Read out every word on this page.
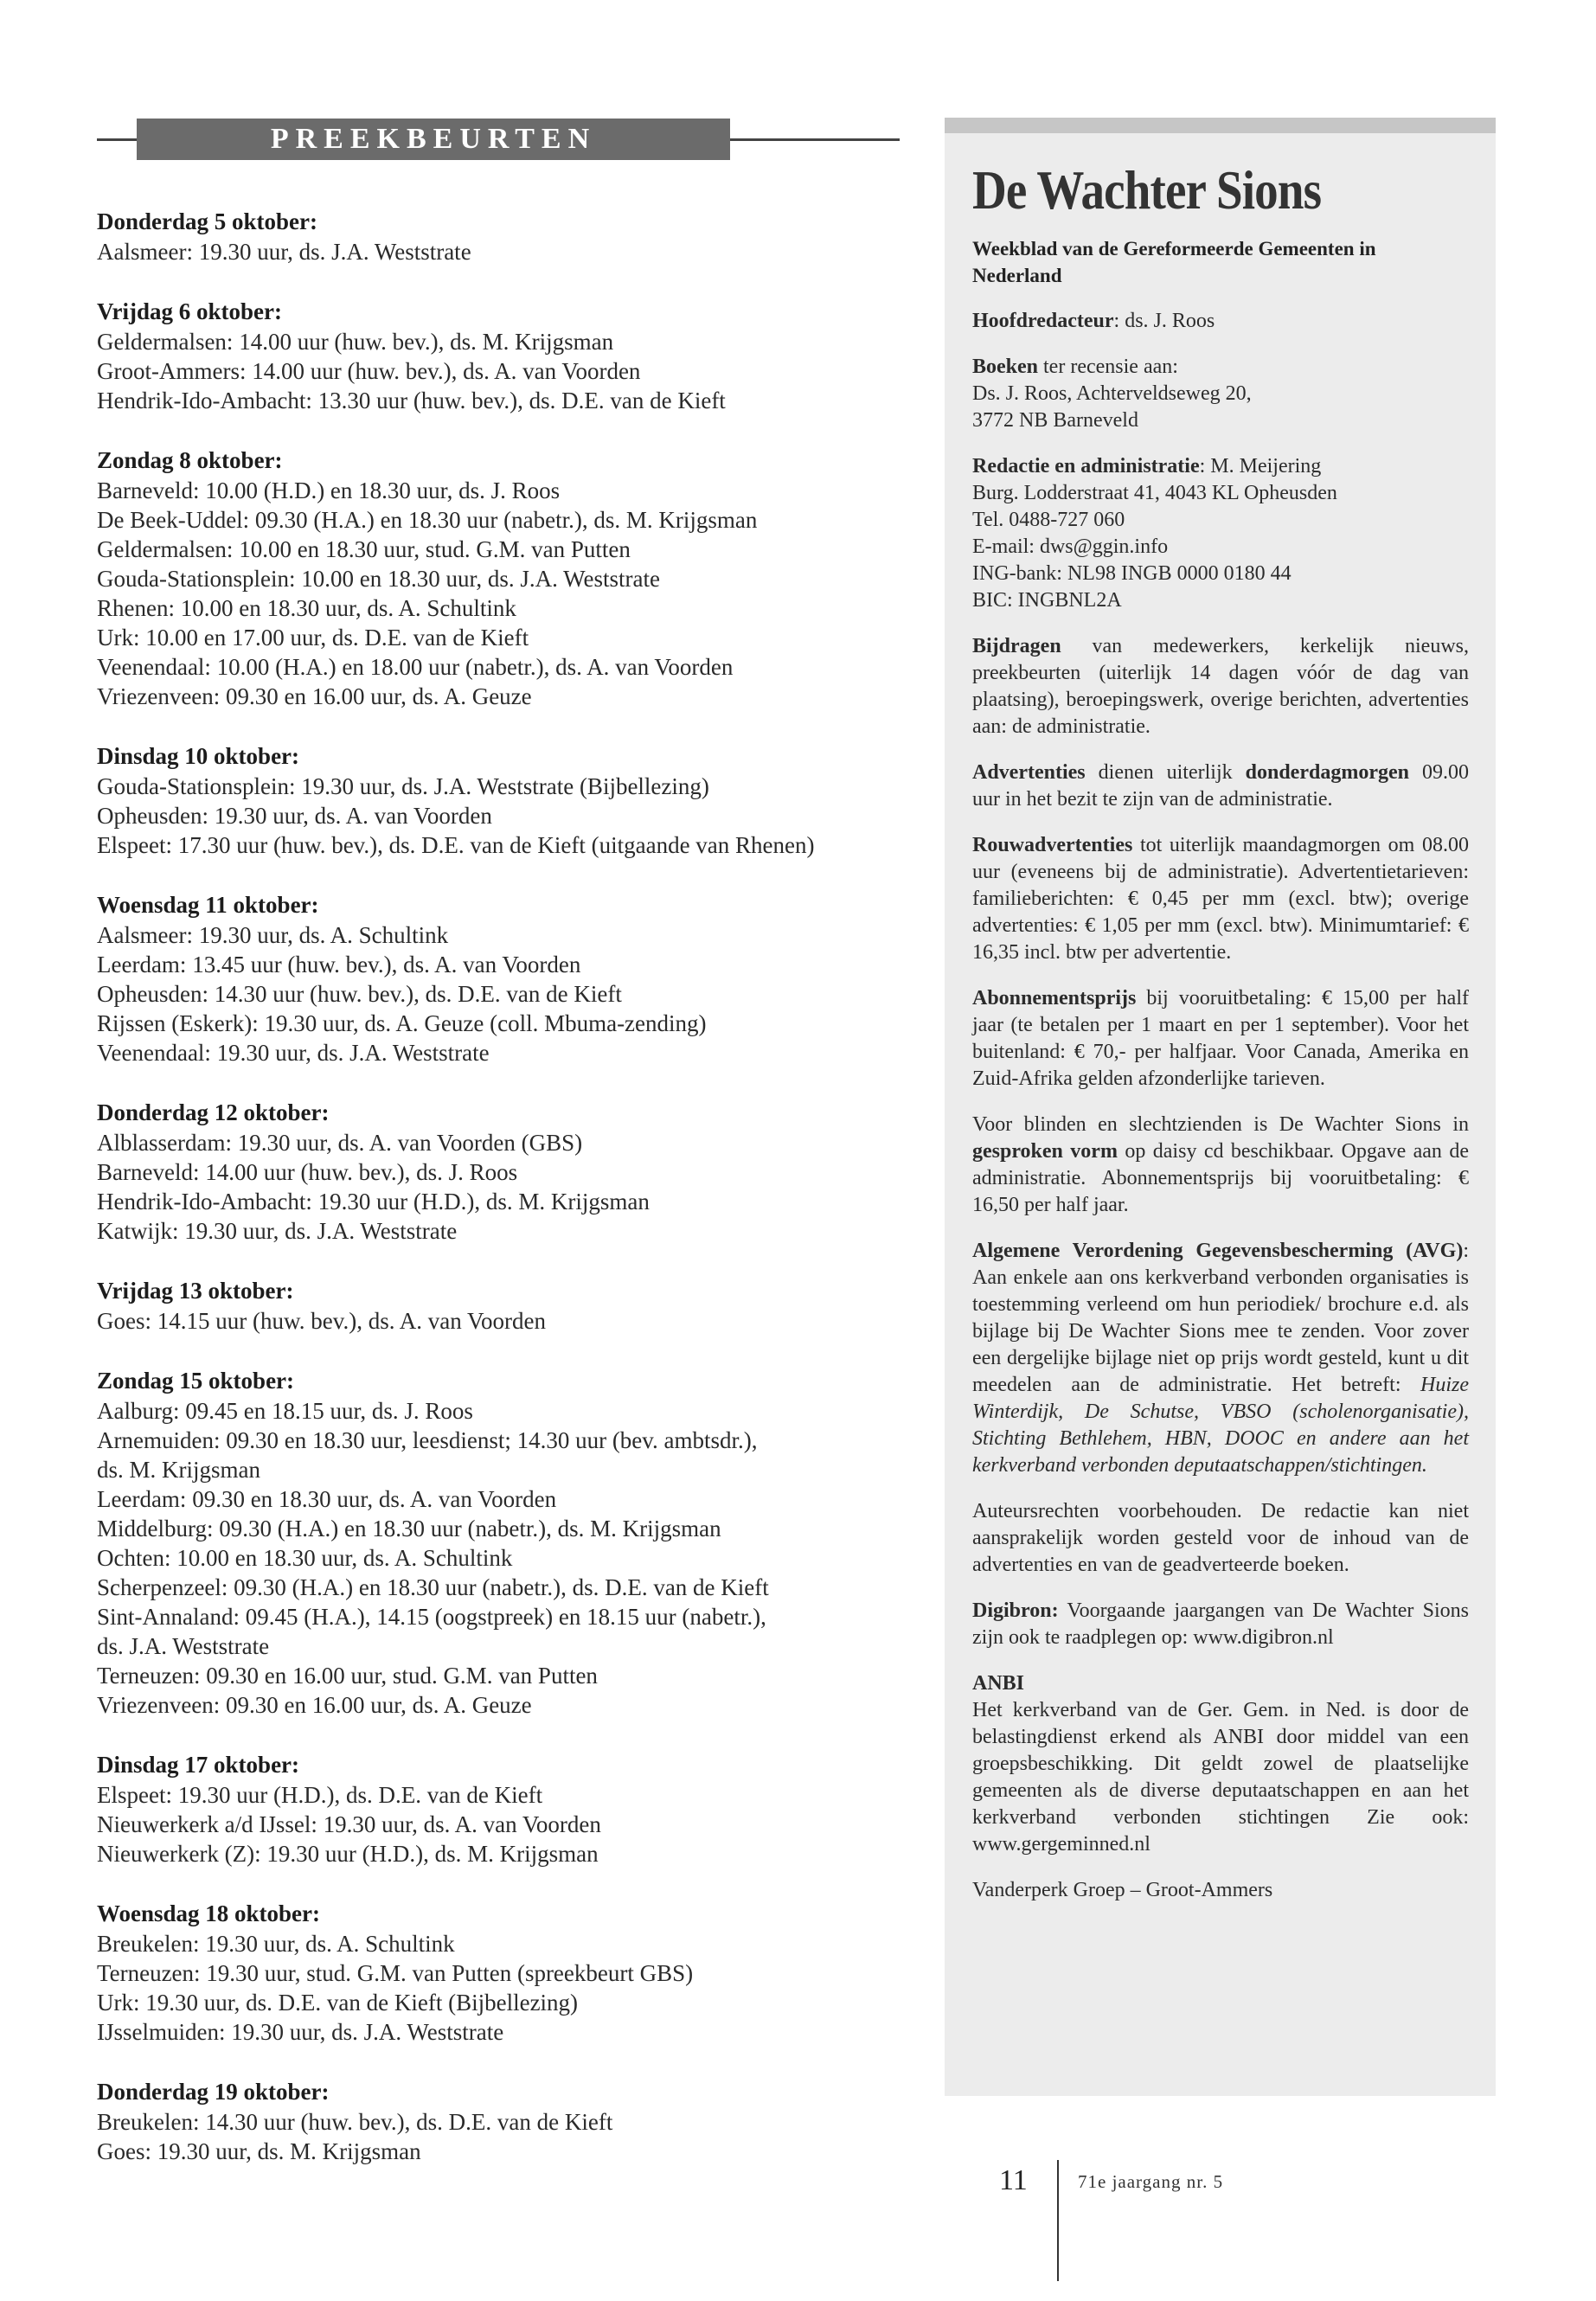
PREEKBEURTEN
Donderdag 5 oktober:
Aalsmeer: 19.30 uur, ds. J.A. Weststrate
Vrijdag 6 oktober:
Geldermalsen: 14.00 uur (huw. bev.), ds. M. Krijgsman
Groot-Ammers: 14.00 uur (huw. bev.), ds. A. van Voorden
Hendrik-Ido-Ambacht: 13.30 uur (huw. bev.), ds. D.E. van de Kieft
Zondag 8 oktober:
Barneveld: 10.00 (H.D.) en 18.30 uur, ds. J. Roos
De Beek-Uddel: 09.30 (H.A.) en 18.30 uur (nabetr.), ds. M. Krijgsman
Geldermalsen: 10.00 en 18.30 uur, stud. G.M. van Putten
Gouda-Stationsplein: 10.00 en 18.30 uur, ds. J.A. Weststrate
Rhenen: 10.00 en 18.30 uur, ds. A. Schultink
Urk: 10.00 en 17.00 uur, ds. D.E. van de Kieft
Veenendaal: 10.00 (H.A.) en 18.00 uur (nabetr.), ds. A. van Voorden
Vriezenveen: 09.30 en 16.00 uur, ds. A. Geuze
Dinsdag 10 oktober:
Gouda-Stationsplein: 19.30 uur, ds. J.A. Weststrate (Bijbellezing)
Opheusden: 19.30 uur, ds. A. van Voorden
Elspeet: 17.30 uur (huw. bev.), ds. D.E. van de Kieft (uitgaande van Rhenen)
Woensdag 11 oktober:
Aalsmeer: 19.30 uur, ds. A. Schultink
Leerdam: 13.45 uur (huw. bev.), ds. A. van Voorden
Opheusden: 14.30 uur (huw. bev.), ds. D.E. van de Kieft
Rijssen (Eskerk): 19.30 uur, ds. A. Geuze (coll. Mbuma-zending)
Veenendaal: 19.30 uur, ds. J.A. Weststrate
Donderdag 12 oktober:
Alblasserdam: 19.30 uur, ds. A. van Voorden (GBS)
Barneveld: 14.00 uur (huw. bev.), ds. J. Roos
Hendrik-Ido-Ambacht: 19.30 uur (H.D.), ds. M. Krijgsman
Katwijk: 19.30 uur, ds. J.A. Weststrate
Vrijdag 13 oktober:
Goes: 14.15 uur (huw. bev.), ds. A. van Voorden
Zondag 15 oktober:
Aalburg: 09.45 en 18.15 uur, ds. J. Roos
Arnemuiden: 09.30 en 18.30 uur, leesdienst; 14.30 uur (bev. ambtsdr.),
ds. M. Krijgsman
Leerdam: 09.30 en 18.30 uur, ds. A. van Voorden
Middelburg: 09.30 (H.A.) en 18.30 uur (nabetr.), ds. M. Krijgsman
Ochten: 10.00 en 18.30 uur, ds. A. Schultink
Scherpenzeel: 09.30 (H.A.) en 18.30 uur (nabetr.), ds. D.E. van de Kieft
Sint-Annaland: 09.45 (H.A.), 14.15 (oogstpreek) en 18.15 uur (nabetr.),
ds. J.A. Weststrate
Terneuzen: 09.30 en 16.00 uur, stud. G.M. van Putten
Vriezenveen: 09.30 en 16.00 uur, ds. A. Geuze
Dinsdag 17 oktober:
Elspeet: 19.30 uur (H.D.), ds. D.E. van de Kieft
Nieuwerkerk a/d IJssel: 19.30 uur, ds. A. van Voorden
Nieuwerkerk (Z): 19.30 uur (H.D.), ds. M. Krijgsman
Woensdag 18 oktober:
Breukelen: 19.30 uur, ds. A. Schultink
Terneuzen: 19.30 uur, stud. G.M. van Putten (spreekbeurt GBS)
Urk: 19.30 uur, ds. D.E. van de Kieft (Bijbellezing)
IJsselmuiden: 19.30 uur, ds. J.A. Weststrate
Donderdag 19 oktober:
Breukelen: 14.30 uur (huw. bev.), ds. D.E. van de Kieft
Goes: 19.30 uur, ds. M. Krijgsman
De Wachter Sions
Weekblad van de Gereformeerde Gemeenten in Nederland
Hoofdredacteur: ds. J. Roos
Boeken ter recensie aan:
Ds. J. Roos, Achterveldseweg 20,
3772 NB Barneveld
Redactie en administratie: M. Meijering
Burg. Lodderstraat 41, 4043 KL Opheusden
Tel. 0488-727 060
E-mail: dws@ggin.info
ING-bank: NL98 INGB 0000 0180 44
BIC: INGBNL2A
Bijdragen van medewerkers, kerkelijk nieuws, preekbeurten (uiterlijk 14 dagen vóór de dag van plaatsing), beroepingswerk, overige berichten, advertenties aan: de administratie.
Advertenties dienen uiterlijk donderdagmorgen 09.00 uur in het bezit te zijn van de administratie.
Rouwadvertenties tot uiterlijk maandagmorgen om 08.00 uur (eveneens bij de administratie). Advertentietarieven: familieberichten: € 0,45 per mm (excl. btw); overige advertenties: € 1,05 per mm (excl. btw). Minimumtarief: € 16,35 incl. btw per advertentie.
Abonnementsprijs bij vooruitbetaling: € 15,00 per half jaar (te betalen per 1 maart en per 1 september). Voor het buitenland: € 70,- per halfjaar. Voor Canada, Amerika en Zuid-Afrika gelden afzonderlijke tarieven.
Voor blinden en slechtzienden is De Wachter Sions in gesproken vorm op daisy cd beschikbaar. Opgave aan de administratie. Abonnementsprijs bij vooruitbetaling: € 16,50 per half jaar.
Algemene Verordening Gegevensbescherming (AVG): Aan enkele aan ons kerkverband verbonden organisaties is toestemming verleend om hun periodiek/ brochure e.d. als bijlage bij De Wachter Sions mee te zenden. Voor zover een dergelijke bijlage niet op prijs wordt gesteld, kunt u dit meedelen aan de administratie. Het betreft: Huize Winterdijk, De Schutse, VBSO (scholenorganisatie), Stichting Bethlehem, HBN, DOOC en andere aan het kerkverband verbonden deputaatschappen/stichtingen.
Auteursrechten voorbehouden. De redactie kan niet aansprakelijk worden gesteld voor de inhoud van de advertenties en van de geadverteerde boeken.
Digibron: Voorgaande jaargangen van De Wachter Sions zijn ook te raadplegen op: www.digibron.nl
ANBI
Het kerkverband van de Ger. Gem. in Ned. is door de belastingdienst erkend als ANBI door middel van een groepsbeschikking. Dit geldt zowel de plaatselijke gemeenten als de diverse deputaatschappen en aan het kerkverband verbonden stichtingen Zie ook: www.gergeminned.nl
Vanderperk Groep – Groot-Ammers
11	71e jaargang nr. 5
